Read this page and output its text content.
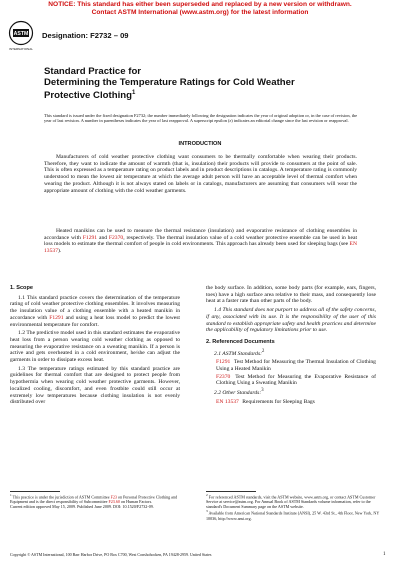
NOTICE: This standard has either been superseded and replaced by a new version or withdrawn.
Contact ASTM International (www.astm.org) for the latest information
ASTM
INTERNATIONAL
Designation: F2732 – 09
Standard Practice for
Determining the Temperature Ratings for Cold Weather
Protective Clothing$^1$
This standard is issued under the fixed designation F2732; the number immediately following the designation indicates the year of original adoption or, in the case of revision, the year of last revision. A number in parentheses indicates the year of last reapproval. A superscript epsilon (ε) indicates an editorial change since the last revision or reapproval.
INTRODUCTION
Manufacturers of cold weather protective clothing want consumers to be thermally comfortable when wearing their products. Therefore, they want to indicate the amount of warmth (that is, insulation) their products will provide to consumers at the point of sale. This is often expressed as a temperature rating on product labels and in product descriptions in catalogs. A temperature rating is commonly understood to mean the lowest air temperature at which the average adult person will have an acceptable level of thermal comfort when wearing the product. Although it is not always stated on labels or in catalogs, manufacturers are assuming that consumers will wear the appropriate amount of clothing with the cold weather garments.
Heated manikins can be used to measure the thermal resistance (insulation) and evaporative resistance of clothing ensembles in accordance with F1291 and F2370, respectively. The thermal insulation value of a cold weather protective ensemble can be used in heat loss models to estimate the thermal comfort of people in cold environments. This approach has already been used for sleeping bags (see EN 13537).
1. Scope

1.1 This standard practice covers the determination of the temperature rating of cold weather protective clothing ensembles. It involves measuring the insulation value of a clothing ensemble with a heated manikin in accordance with F1291 and using a heat loss model to predict the lowest environmental temperature for comfort.

1.2 The predictive model used in this standard estimates the evaporative heat loss from a person wearing cold weather clothing as opposed to measuring the evaporative resistance on a sweating manikin. If a person is active and gets overheated in a cold environment, he/she can adjust the garments in order to dissipate excess heat.

1.3 The temperature ratings estimated by this standard practice are guidelines for thermal comfort that are designed to protect people from hypothermia when wearing cold weather protective garments. However, localized cooling, discomfort, and even frostbite could still occur at extremely low temperatures because clothing insulation is not evenly distributed over

the body surface. In addition, some body parts (for example, ears, fingers, toes) have a high surface area relative to their mass, and consequently lose heat at a faster rate than other parts of the body.

1.4 This standard does not purport to address all of the safety concerns, if any, associated with its use. It is the responsibility of the user of this standard to establish appropriate safety and health practices and determine the applicability of regulatory limitations prior to use.

2. Referenced Documents

2.1 ASTM Standards:$^2$

F1291 Test Method for Measuring the Thermal Insulation of Clothing Using a Heated Manikin
F2370 Test Method for Measuring the Evaporative Resistance of Clothing Using a Sweating Manikin

2.2 Other Standards:$^3$

EN 13537 Requirements for Sleeping Bags
$^1$ This practice is under the jurisdiction of ASTM Committee F23 on Personal Protective Clothing and Equipment and is the direct responsibility of Subcommittee F23.60 on Human Factors.
Current edition approved May 15, 2009. Published June 2009. DOI: 10.1520/F2732-09.
$^2$ For referenced ASTM standards, visit the ASTM website, www.astm.org, or contact ASTM Customer Service at service@astm.org. For Annual Book of ASTM Standards volume information, refer to the standard's Document Summary page on the ASTM website.
$^3$ Available from American National Standards Institute (ANSI), 25 W. 43rd St., 4th Floor, New York, NY 10036, http://www.ansi.org.
Copyright © ASTM International, 100 Barr Harbor Drive, PO Box C700, West Conshohocken, PA 19428-2959. United States	1
